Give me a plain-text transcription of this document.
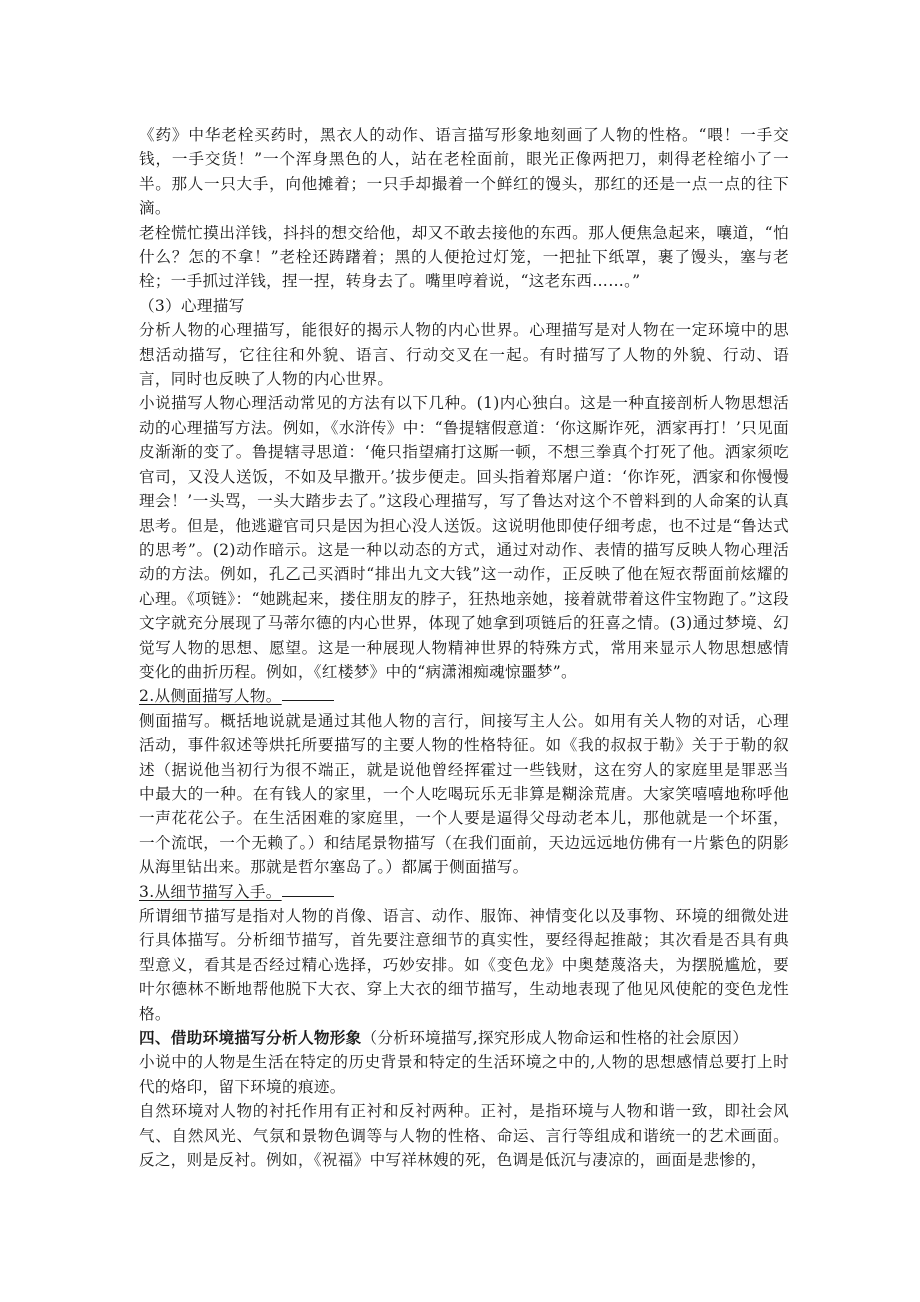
《药》中华老栓买药时，黑衣人的动作、语言描写形象地刻画了人物的性格。“喂！一手交钱，一手交货！”一个浑身黑色的人，站在老栓面前，眼光正像两把刀，刺得老栓缩小了一半。那人一只大手，向他摊着；一只手却撮着一个鲜红的馒头，那红的还是一点一点的往下滴。

老栓慌忙摸出洋钱，抖抖的想交给他，却又不敢去接他的东西。那人便焦急起来，嚷道，“怕什么？怎的不拿！”老栓还踌躇着；黑的人便抢过灯笼，一把扯下纸罩，裹了馒头，塞与老栓；一手抓过洋钱，捏一捏，转身去了。嘴里哼着说，“这老东西……。”

（3）心理描写

分析人物的心理描写，能很好的揭示人物的内心世界。心理描写是对人物在一定环境中的思想活动描写，它往往和外貌、语言、行动交叉在一起。有时描写了人物的外貌、行动、语言，同时也反映了人物的内心世界。

小说描写人物心理活动常见的方法有以下几种。(1)内心独白。这是一种直接剖析人物思想活动的心理描写方法。例如，《水浒传》中：“鲁提辖假意道：‘你这厮诈死，洒家再打！’只见面皮渐渐的变了。鲁提辖寻思道：‘俺只指望痛打这厮一顿，不想三拳真个打死了他。洒家须吃官司，又没人送饭，不如及早撒开。’拔步便走。回头指着郑屠户道：‘你诈死，洒家和你慢慢理会！’一头骂，一头大踏步去了。”这段心理描写，写了鲁达对这个不曾料到的人命案的认真思考。但是，他逃避官司只是因为担心没人送饭。这说明他即使仔细考虑，也不过是“鲁达式的思考”。(2)动作暗示。这是一种以动态的方式，通过对动作、表情的描写反映人物心理活动的方法。例如，孔乙己买酒时“排出九文大钱”这一动作，正反映了他在短衣帮面前炫耀的心理。《项链》：“她跳起来，搂住朋友的脖子，狂热地亲她，接着就带着这件宝物跑了。”这段文字就充分展现了马蒂尔德的内心世界，体现了她拿到项链后的狂喜之情。(3)通过梦境、幻觉写人物的思想、愿望。这是一种展现人物精神世界的特殊方式，常用来显示人物思想感情变化的曲折历程。例如，《红楼梦》中的“病潇湘痴魂惊噩梦”。

2.从侧面描写人物。

侧面描写。概括地说就是通过其他人物的言行，间接写主人公。如用有关人物的对话，心理活动，事件叙述等烘托所要描写的主要人物的性格特征。如《我的叔叔于勒》关于于勒的叙述（据说他当初行为很不端正，就是说他曾经挥霍过一些钱财，这在穷人的家庭里是罪恶当中最大的一种。在有钱人的家里，一个人吃喝玩乐无非算是糊涂荒唐。大家笑嘻嘻地称呼他一声花花公子。在生活困难的家庭里，一个人要是逼得父母动老本儿，那他就是一个坏蛋，一个流氓，一个无赖了。）和结尾景物描写（在我们面前，天边远远地仿佛有一片紫色的阴影从海里钻出来。那就是哲尔塞岛了。）都属于侧面描写。

3.从细节描写入手。

所谓细节描写是指对人物的肖像、语言、动作、服饰、神情变化以及事物、环境的细微处进行具体描写。分析细节描写，首先要注意细节的真实性，要经得起推敲；其次看是否具有典型意义，看其是否经过精心选择，巧妙安排。如《变色龙》中奥楚蔑洛夫，为摆脱尴尬，要叶尔德林不断地帮他脱下大衣、穿上大衣的细节描写，生动地表现了他见风使舵的变色龙性格。

四、借助环境描写分析人物形象（分析环境描写,探究形成人物命运和性格的社会原因）

小说中的人物是生活在特定的历史背景和特定的生活环境之中的,人物的思想感情总要打上时代的烙印，留下环境的痕迹。

自然环境对人物的衬托作用有正衬和反衬两种。正衬，是指环境与人物和谐一致，即社会风气、自然风光、气氛和景物色调等与人物的性格、命运、言行等组成和谐统一的艺术画面。反之，则是反衬。例如，《祝福》中写祥林嫂的死，色调是低沉与凄凉的，画面是悲惨的，
